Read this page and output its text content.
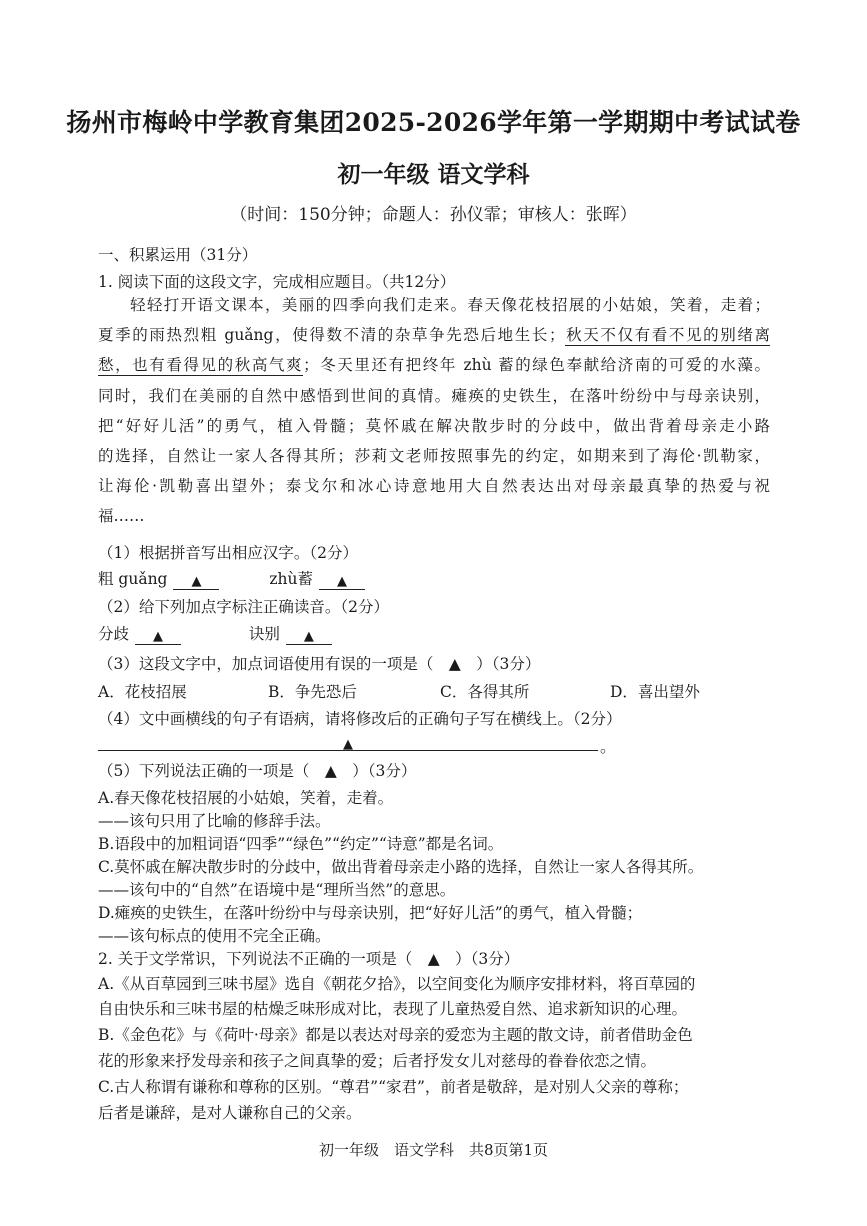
扬州市梅岭中学教育集团2025-2026学年第一学期期中考试试卷
初一年级 语文学科
（时间：150分钟；命题人：孙仪霏；审核人：张晖）
一、积累运用（31分）
1. 阅读下面的这段文字，完成相应题目。（共12分）
轻轻打开语文课本，美丽的四季向我们走来。春天像花枝招展的小姑娘，笑着，走着；
夏季的雨热烈粗 guǎng，使得数不清的杂草争先恐后地生长；秋天不仅有看不见的别绪离
愁，也有看得见的秋高气爽；冬天里还有把终年 zhù 蓄的绿色奉献给济南的可爱的水藻。
同时，我们在美丽的自然中感悟到世间的真情。瘫痪的史铁生，在落叶纷纷中与母亲诀别，
把“好好儿活”的勇气，植入骨髓；莫怀戚在解决散步时的分歧中，做出背着母亲走小路
的选择，自然让一家人各得其所；莎莉文老师按照事先的约定，如期来到了海伦·凯勒家，
让海伦·凯勒喜出望外；泰戈尔和冰心诗意地用大自然表达出对母亲最真挚的热爱与祝
福……
（1）根据拼音写出相应汉字。（2分）
粗 guǎng ▲	zhù蓄 ▲
（2）给下列加点字标注正确读音。（2分）
分歧 ▲	诀别 ▲
（3）这段文字中，加点词语使用有误的一项是（　▲　）（3分）
A．花枝招展	B．争先恐后	C．各得其所	D．喜出望外
（4）文中画横线的句子有语病，请将修改后的正确句子写在横线上。（2分）
▲	。
（5）下列说法正确的一项是（　▲　）（3分）
A.春天像花枝招展的小姑娘，笑着，走着。
——该句只用了比喻的修辞手法。
B.语段中的加粗词语“四季”“绿色”“约定”“诗意”都是名词。
C.莫怀戚在解决散步时的分歧中，做出背着母亲走小路的选择，自然让一家人各得其所。
——该句中的“自然”在语境中是“理所当然”的意思。
D.瘫痪的史铁生，在落叶纷纷中与母亲诀别，把“好好儿活”的勇气，植入骨髓；
——该句标点的使用不完全正确。
2. 关于文学常识，下列说法不正确的一项是（　▲　）（3分）
A.《从百草园到三味书屋》选自《朝花夕拾》，以空间变化为顺序安排材料，将百草园的
自由快乐和三味书屋的枯燥乏味形成对比，表现了儿童热爱自然、追求新知识的心理。
B.《金色花》与《荷叶·母亲》都是以表达对母亲的爱恋为主题的散文诗，前者借助金色
花的形象来抒发母亲和孩子之间真挚的爱；后者抒发女儿对慈母的眷眷依恋之情。
C.古人称谓有谦称和尊称的区别。“尊君”“家君”，前者是敬辞，是对别人父亲的尊称；
后者是谦辞，是对人谦称自己的父亲。
初一年级　语文学科　共8页第1页
